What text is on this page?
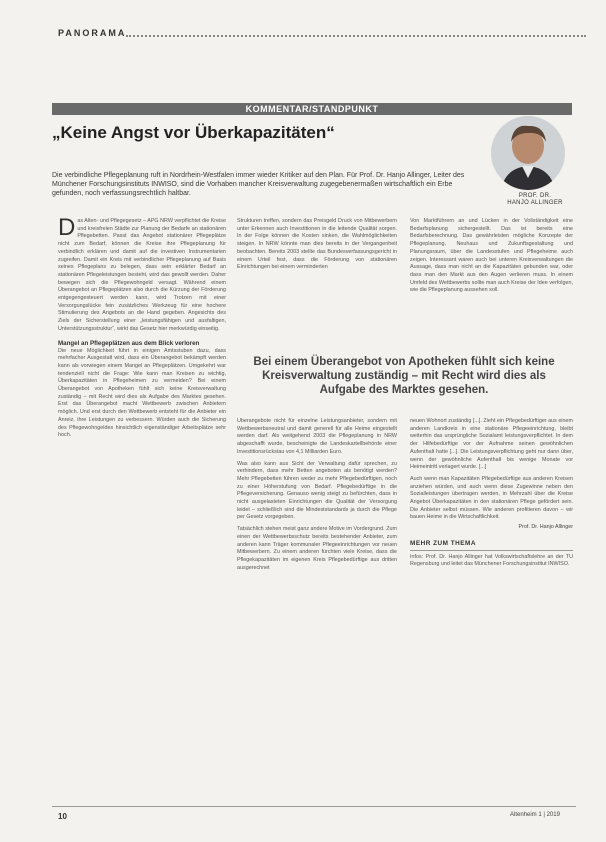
PANORAMA
KOMMENTAR/STANDPUNKT
„Keine Angst vor Überkapazitäten“
PROF. DR.
HANJO ALLINGER
Die verbindliche Pflegeplanung ruft in Nordrhein-Westfalen immer wieder Kritiker auf den Plan. Für Prof. Dr. Hanjo Allinger, Leiter des Münchener Forschungsinstituts INWISO, sind die Vorhaben mancher Kreisverwaltung zugegebenermaßen wirtschaftlich ein Erbe gefunden, noch verfassungsrechtlich haltbar.

Das Alten- und Pflegegesetz – APG NRW verpflichtet die Kreise und kreisfreien Städte zur Planung der Bedarfe an stationären Pflegebetten. Passt das Angebot stationärer Pflegeplätze nicht zum Bedarf, können die Kreise ihre Pflegeplanung für verbindlich erklären und damit auf die investiven Instrumentarien zugreifen. Damit ein Kreis mit verbindlicher Pflegeplanung auf Basis seines Pflegeplans zu belegen, dass sein erklärter Bedarf an stationären Pflegeleistungen besteht, wird das gewollt werden. Daher bewegen sich die Pflegewohngeld versagt. Während einem Überangebot an Pflegeplätzen also durch die Kürzung der Förderung entgegengesteuert werden kann, wird Trotzen mit einer Versorgungslücke fein zusätzliches Werkzeug für eine hochere Stimulierung des Angebots an die Hand gegeben. Angesichts des Ziels der Sicherstellung einer „leistungsfähigen und ausfaltigen, Unterstützungsstruktur“, wirkt das Gesetz hier merkwürdig einseitig.

Mangel an Pflegeplätzen aus dem Blick verloren

Die neue Möglichkeit führt in einigen Amtsstuben dazu, dass mehrfacher Ausgestalt wird, dass ein Überangebot bekämpft werden kann als vorwiegen einem Mangel an Pflegeplätzen. Umgekehrt war tendenziell nicht die Frage: Wie kann man Kreisen zu wichtig, Überkapazitäten in Pflegeheimen zu vermeiden? Bei einem Überangebot von Apotheken fühlt sich keine Kreisverwaltung zuständig – mit Recht wird dies als Aufgabe des Marktes gesehen. Erst das Überangebot macht Wettbewerb zwischen Anbietern möglich. Und erst durch den Wettbewerb entsteht für die Anbieter ein Anreiz, ihre Leistungen zu verbessern. Würden auch die Sicherung des Pflegewohngeldes hinsichtlich eigenständiger Arbeitsplätze sehr hoch.

Strukturen treffen, sondern das Preisgeld Druck von Mitbewerbern unter Erkennen auch Investitionen in die leitende Qualität sorgen. In der Folge können die Kosten sinken, die Wahlmöglichkeiten steigen. In NRW könnte man dies bereits in der Vergangenheit beobachten. Bereits 2003 stellte das Bundesverfassungsgericht in einem Urteil fest, dass die Förderung von stationären Einrichtungen bei einem verminderten

Von Marktführern an und Lücken in der Vollständigkeit eine Bedarfsplanung sichergestellt. Das ist bereits eine Bedarfsberechnung. Das gewährleisten mögliche Konzepte der Pflegeplanung, Neuhaus und Zukunftsgestaltung und Planungsraum, über die Landesstufen und Pflegeheime auch zeigen. Interessant waren auch bei unteren Kreisverwaltungen die Aussage, dass man nicht an die Kapazitäten gebunden war, oder dass man den Markt aus den Augen verlieren muss. In einem Umfeld des Wettbewerbs sollte man auch Kreise der Idee verfolgen, wie die Pflegeplanung aussehen soll.

Bei einem Überangebot von Apotheken fühlt sich keine Kreisverwaltung zuständig – mit Recht wird dies als Aufgabe des Marktes gesehen.

Überangebote nicht für einzelne Leistungsanbieter, sondern mit Wettbewerbsneutral und damit generell für alle Heime eingestellt werden darf. Als weitgehend 2003 die Pflegeplanung in NRW abgeschafft wurde, bescheinigte die Landeskartellbehörde einer Investitionsrückstau von 4,1 Milliarden Euro.

Was also kann aus Sicht der Verwaltung dafür sprechen, zu verhindern, dass mehr Betten angeboten als benötigt werden? Mehr Pflegebetten führen weder zu mehr Pflegebedürftigen, noch zu einer Höherstufung von Bedarf. Pflegebedürftige in die Pflegeversicherung. Genauso wenig steigt zu befürchten, dass in nicht ausgelasteten Einrichtungen die Qualität der Versorgung leidet – schließlich sind die Mindeststandards ja durch die Pflege per Gesetz vorgegeben.

Tatsächlich stehen meist ganz andere Motive im Vordergrund. Zum einen der Wettbewerbsschutz bereits bestehender Anbieter, zum anderen kann Träger kommunaler Pflegeeinrichtungen vor neuen Mitbewerbern. Zu einem anderen fürchten viele Kreise, dass die Pflegekapazitäten im eigenen Kreis Pflegebedürftige aus dritten ausgerechnet

neuen Wohnort zuständig [...]. Zieht ein Pflegebedürftiger aus einem anderen Landkreis in eine stationäre Pflegeeinrichtung, bleibt weiterhin das ursprüngliche Sozialamt leistungsverpflichtet. In dem der Hilfebedürftige vor der Aufnahme seinen gewöhnlichen Aufenthalt hatte [...]. Die Leistungsverpflichtung geht nur dann über, wenn der gewöhnliche Aufenthalt bis wenige Monate vor Heimeintritt verlagert wurde. [...]

Auch wenn man Kapazitäten Pflegebedürftige aus anderen Kreisen anziehen würden, und auch wenn diese Zugewinne neben den Sozialleistungen übertragen werden, in Mehrzahl über die Kreise Angebot Überkapazitäten in den stationären Pflege gefördert sein. Die Anbieter selbst müssen. Wie anderen profitieren davon – wir bauen Heime in die Wirtschaftlichkeit.

Prof. Dr. Hanjo Allinger

MEHR ZUM THEMA

Infos: Prof. Dr. Hanjo Allinger hat Volkswirtschaftslehre an der TU Regensburg und leitet das Münchener Forschungsinstitut INWISO.

10	Altenheim 1 | 2019
